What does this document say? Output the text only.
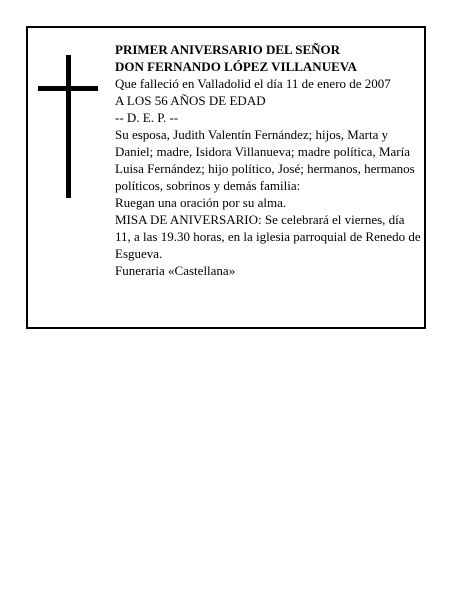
PRIMER ANIVERSARIO DEL SEÑOR

DON FERNANDO LÓPEZ VILLANUEVA

Que falleció en Valladolid el día 11 de enero de 2007

A LOS 56 AÑOS DE EDAD

-- D. E. P. --

Su esposa, Judith Valentín Fernández; hijos, Marta y Daniel; madre, Isidora Villanueva; madre política, María Luisa Fernández; hijo político, José; hermanos, hermanos políticos, sobrinos y demás familia:

Ruegan una oración por su alma.

MISA DE ANIVERSARIO: Se celebrará el viernes, día 11, a las 19.30 horas, en la iglesia parroquial de Renedo de Esgueva.

Funeraria «Castellana»
